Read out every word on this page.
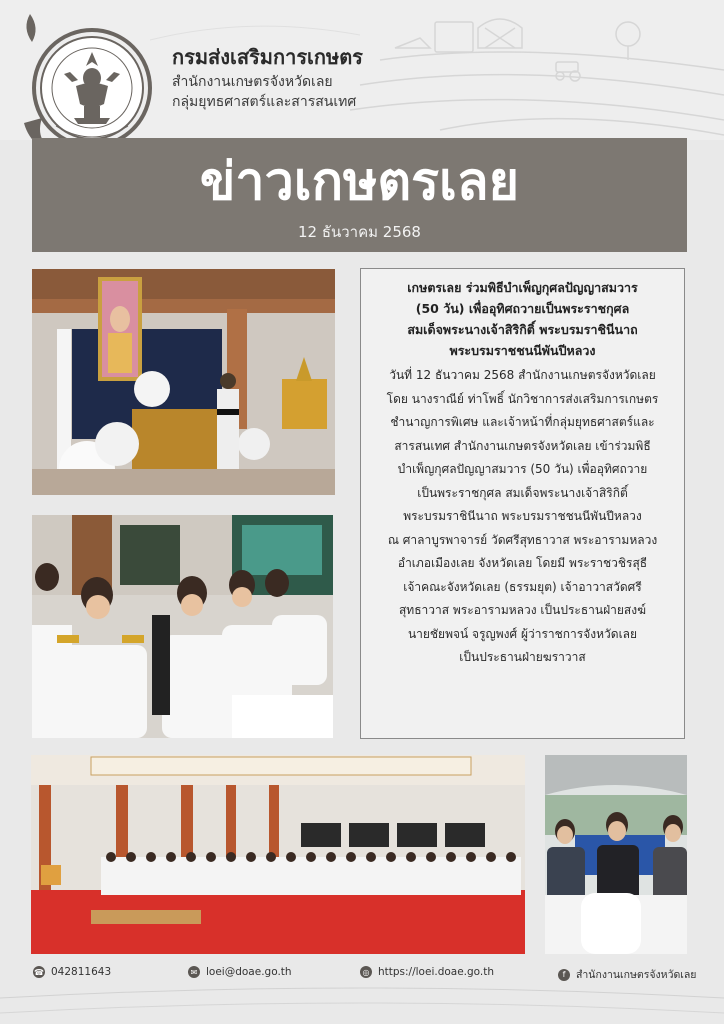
กรมส่งเสริมการเกษตร
สำนักงานเกษตรจังหวัดเลย
กลุ่มยุทธศาสตร์และสารสนเทศ
ข่าวเกษตรเลย
12 ธันวาคม 2568
เกษตรเลย ร่วมพิธีบำเพ็ญกุศลปัญญาสมวาร
(50 วัน) เพื่ออุทิศถวายเป็นพระราชกุศล
สมเด็จพระนางเจ้าสิริกิติ์ พระบรมราชินีนาถ
พระบรมราชชนนีพันปีหลวง
วันที่ 12 ธันวาคม 2568 สำนักงานเกษตรจังหวัดเลย
โดย นางราณีย์ ท่าโพธิ์ นักวิชาการส่งเสริมการเกษตร
ชำนาญการพิเศษ และเจ้าหน้าที่กลุ่มยุทธศาสตร์และ
สารสนเทศ สำนักงานเกษตรจังหวัดเลย เข้าร่วมพิธี
บำเพ็ญกุศลปัญญาสมวาร (50 วัน) เพื่ออุทิศถวาย
เป็นพระราชกุศล สมเด็จพระนางเจ้าสิริกิติ์
พระบรมราชินีนาถ พระบรมราชชนนีพันปีหลวง
ณ ศาลาบูรพาจารย์ วัดศรีสุทธาวาส พระอารามหลวง
อำเภอเมืองเลย จังหวัดเลย โดยมี พระราชวชิรสุธี
เจ้าคณะจังหวัดเลย (ธรรมยุต) เจ้าอาวาสวัดศรี
สุทธาวาส พระอารามหลวง เป็นประธานฝ่ายสงฆ์
นายชัยพจน์ จรูญพงศ์ ผู้ว่าราชการจังหวัดเลย
เป็นประธานฝ่ายฆราวาส
☎ 042811643	✉ loei@doae.go.th	◎ https://loei.doae.go.th	f	สำนักงานเกษตรจังหวัดเลย
